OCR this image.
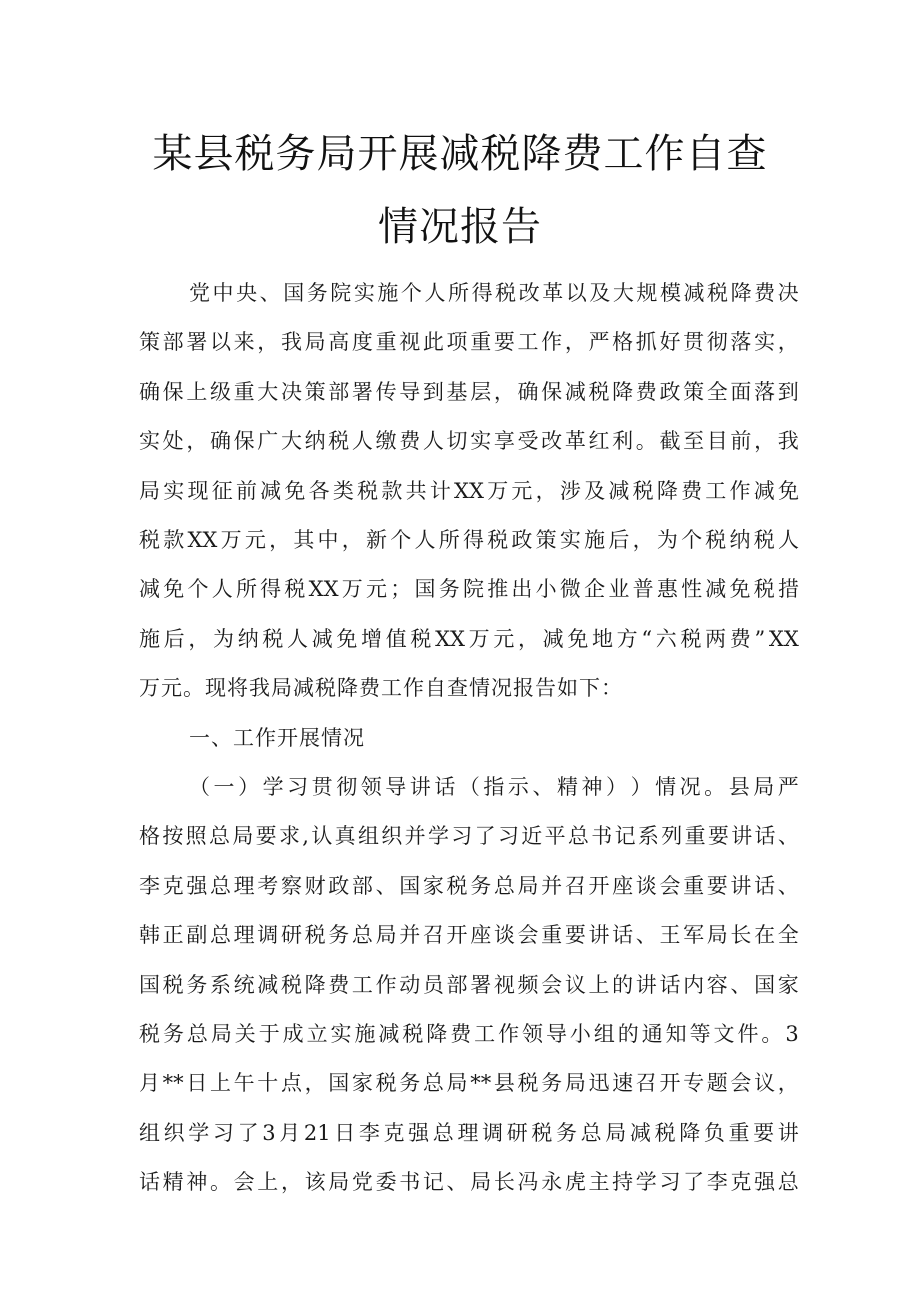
某县税务局开展减税降费工作自查
情况报告
党 中 央 、 国 务 院 实 施 个 人 所 得 税 改 革 以 及 大 规 模 减 税 降 费 决
策 部 署 以 来 ， 我 局 高 度 重 视 此 项 重 要 工 作 ， 严 格 抓 好 贯 彻 落 实 ，
确 保 上 级 重 大 决 策 部 署 传 导 到 基 层 ， 确 保 减 税 降 费 政 策 全 面 落 到
实 处 ， 确 保 广 大 纳 税 人 缴 费 人 切 实 享 受 改 革 红 利 。 截 至 目 前 ， 我
局 实 现 征 前 减 免 各 类 税 款 共 计 XX 万 元 ， 涉 及 减 税 降 费 工 作 减 免
税 款 XX 万 元 ， 其 中 ， 新 个 人 所 得 税 政 策 实 施 后 ， 为 个 税 纳 税 人
减 免 个 人 所 得 税 XX 万 元 ； 国 务 院 推 出 小 微 企 业 普 惠 性 减 免 税 措
施 后 ， 为 纳 税 人 减 免 增 值 税 XX 万 元 ， 减 免 地 方 “ 六 税 两 费 ” XX
万元。现将我局减税降费工作自查情况报告如下：
一、工作开展情况
（ 一 ） 学 习 贯 彻 领 导 讲 话 （ 指 示 、 精 神 ） ） 情 况 。 县 局 严
格 按 照 总 局 要 求 , 认 真 组 织 并 学 习 了 习 近 平 总 书 记 系 列 重 要 讲 话 、
李 克 强 总 理 考 察 财 政 部 、 国 家 税 务 总 局 并 召 开 座 谈 会 重 要 讲 话 、
韩 正 副 总 理 调 研 税 务 总 局 并 召 开 座 谈 会 重 要 讲 话 、 王 军 局 长 在 全
国 税 务 系 统 减 税 降 费 工 作 动 员 部 署 视 频 会 议 上 的 讲 话 内 容 、 国 家
税 务 总 局 关 于 成 立 实 施 减 税 降 费 工 作 领 导 小 组 的 通 知 等 文 件 。 3
月 ** 日 上 午 十 点 ， 国 家 税 务 总 局 ** 县 税 务 局 迅 速 召 开 专 题 会 议 ，
组 织 学 习 了 3 月 21 日 李 克 强 总 理 调 研 税 务 总 局 减 税 降 负 重 要 讲
话 精 神 。 会 上 ， 该 局 党 委 书 记 、 局 长 冯 永 虎 主 持 学 习 了 李 克 强 总
